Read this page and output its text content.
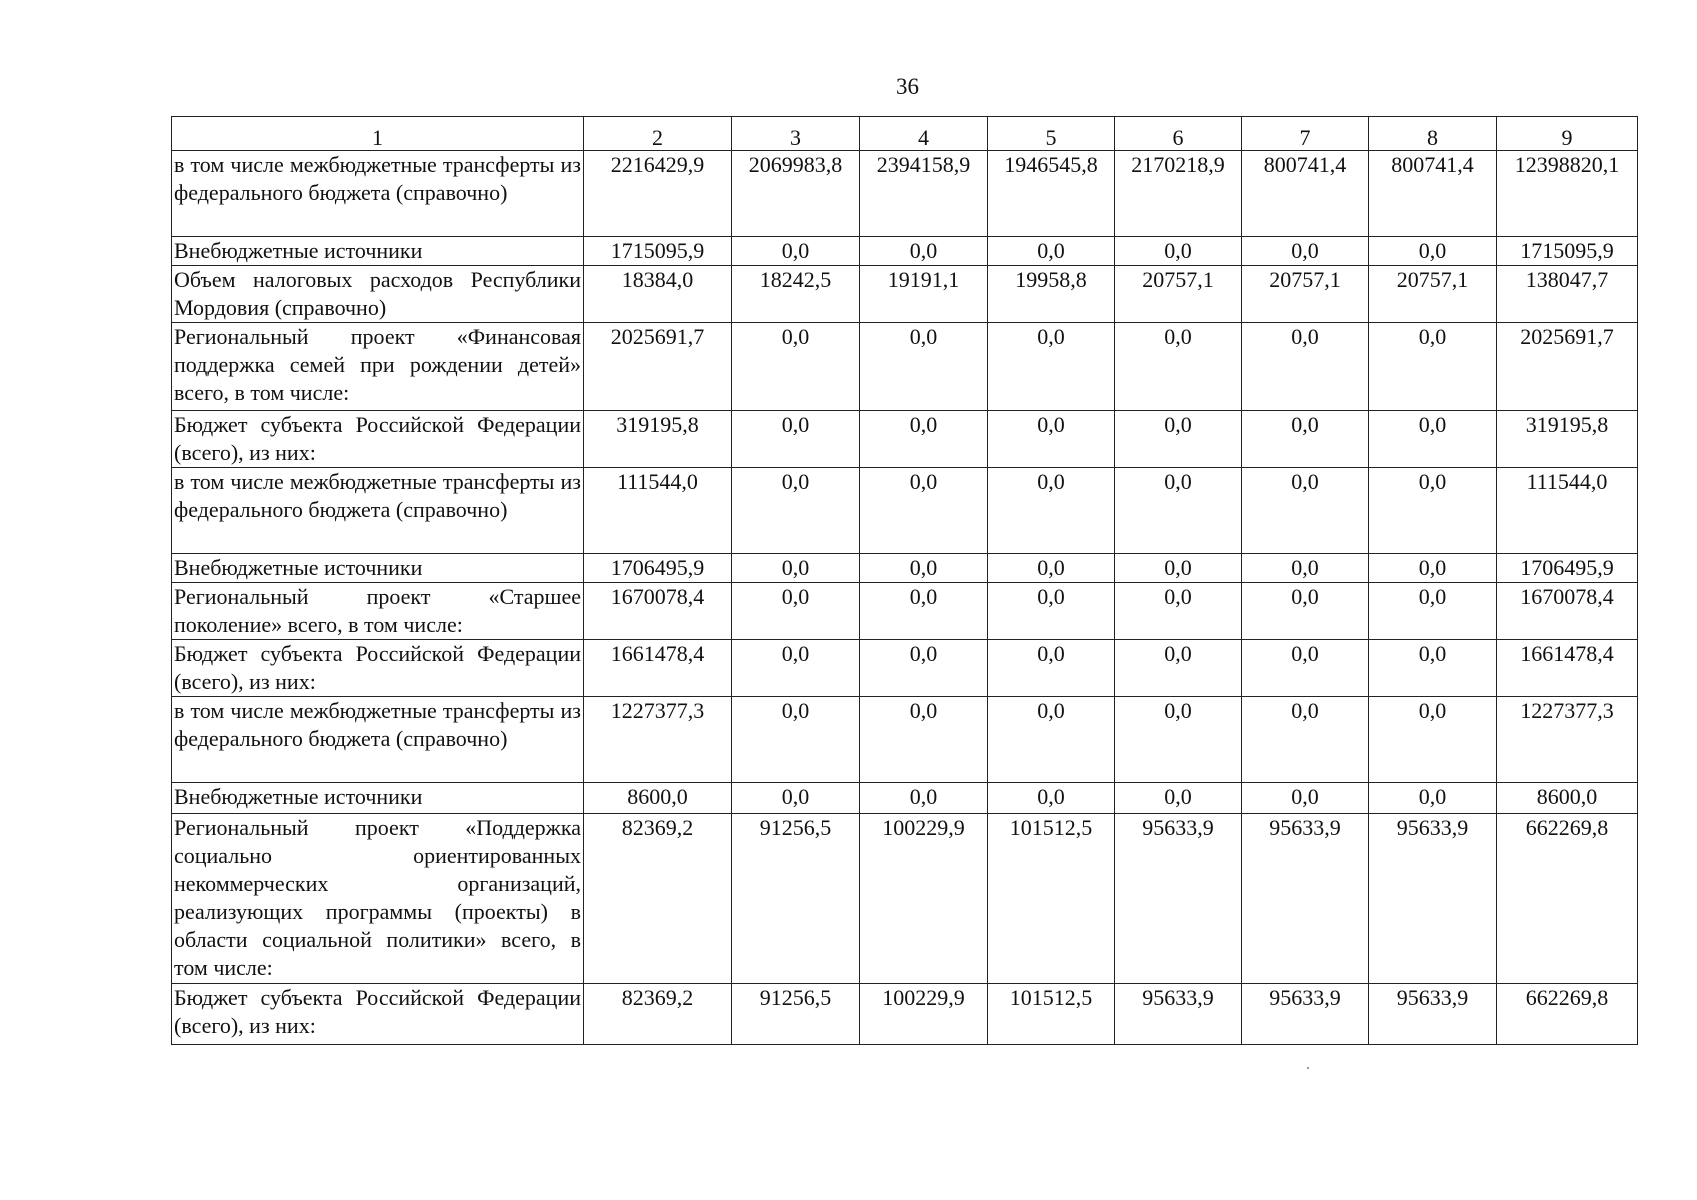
36
1	2	3	4	5	6	7	8	9
в том числе межбюджетные трансферты из федерального бюджета (справочно)	2216429,9	2069983,8	2394158,9	1946545,8	2170218,9	800741,4	800741,4	12398820,1
Внебюджетные источники	1715095,9	0,0	0,0	0,0	0,0	0,0	0,0	1715095,9
Объем налоговых расходов Республики Мордовия (справочно)	18384,0	18242,5	19191,1	19958,8	20757,1	20757,1	20757,1	138047,7
Региональный проект «Финансовая поддержка семей при рождении детей» всего, в том числе:	2025691,7	0,0	0,0	0,0	0,0	0,0	0,0	2025691,7
Бюджет субъекта Российской Федерации (всего), из них:	319195,8	0,0	0,0	0,0	0,0	0,0	0,0	319195,8
в том числе межбюджетные трансферты из федерального бюджета (справочно)	111544,0	0,0	0,0	0,0	0,0	0,0	0,0	111544,0
Внебюджетные источники	1706495,9	0,0	0,0	0,0	0,0	0,0	0,0	1706495,9
Региональный проект «Старшее поколение» всего, в том числе:	1670078,4	0,0	0,0	0,0	0,0	0,0	0,0	1670078,4
Бюджет субъекта Российской Федерации (всего), из них:	1661478,4	0,0	0,0	0,0	0,0	0,0	0,0	1661478,4
в том числе межбюджетные трансферты из федерального бюджета (справочно)	1227377,3	0,0	0,0	0,0	0,0	0,0	0,0	1227377,3
Внебюджетные источники	8600,0	0,0	0,0	0,0	0,0	0,0	0,0	8600,0
Региональный проект «Поддержка социально ориентированных некоммерческих организаций, реализующих программы (проекты) в области социальной политики» всего, в том числе:	82369,2	91256,5	100229,9	101512,5	95633,9	95633,9	95633,9	662269,8
Бюджет субъекта Российской Федерации (всего), из них:	82369,2	91256,5	100229,9	101512,5	95633,9	95633,9	95633,9	662269,8
